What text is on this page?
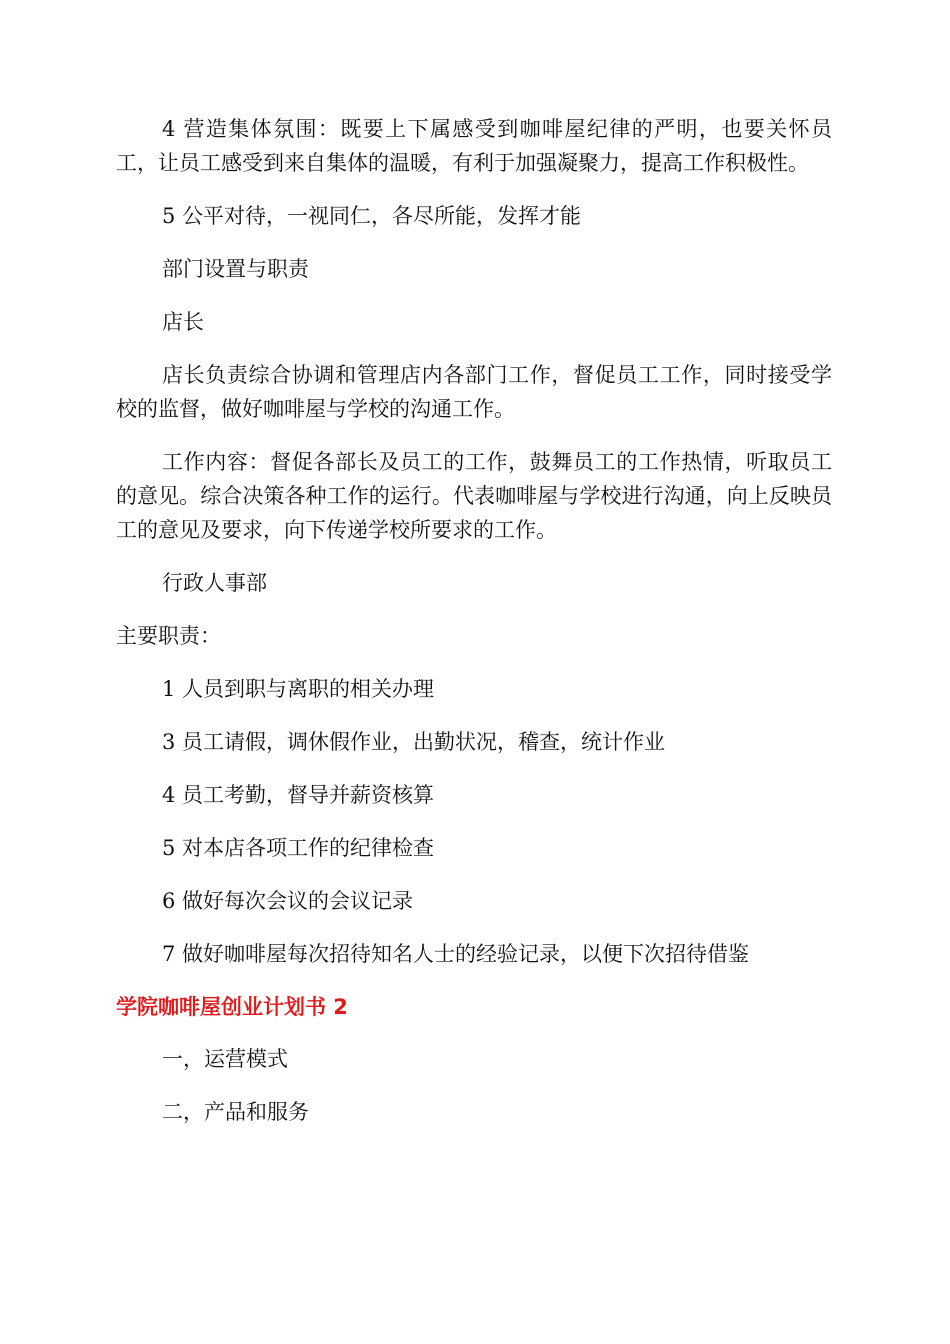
4 营造集体氛围：既要上下属感受到咖啡屋纪律的严明，也要关怀员工，让员工感受到来自集体的温暖，有利于加强凝聚力，提高工作积极性。

5 公平对待，一视同仁，各尽所能，发挥才能

部门设置与职责

店长

店长负责综合协调和管理店内各部门工作，督促员工工作，同时接受学校的监督，做好咖啡屋与学校的沟通工作。

工作内容：督促各部长及员工的工作，鼓舞员工的工作热情，听取员工的意见。综合决策各种工作的运行。代表咖啡屋与学校进行沟通，向上反映员工的意见及要求，向下传递学校所要求的工作。

行政人事部

主要职责：

1 人员到职与离职的相关办理

3 员工请假，调休假作业，出勤状况，稽查，统计作业

4 员工考勤，督导并薪资核算

5 对本店各项工作的纪律检查

6 做好每次会议的会议记录

7 做好咖啡屋每次招待知名人士的经验记录，以便下次招待借鉴

学院咖啡屋创业计划书 2

一，运营模式

二，产品和服务
